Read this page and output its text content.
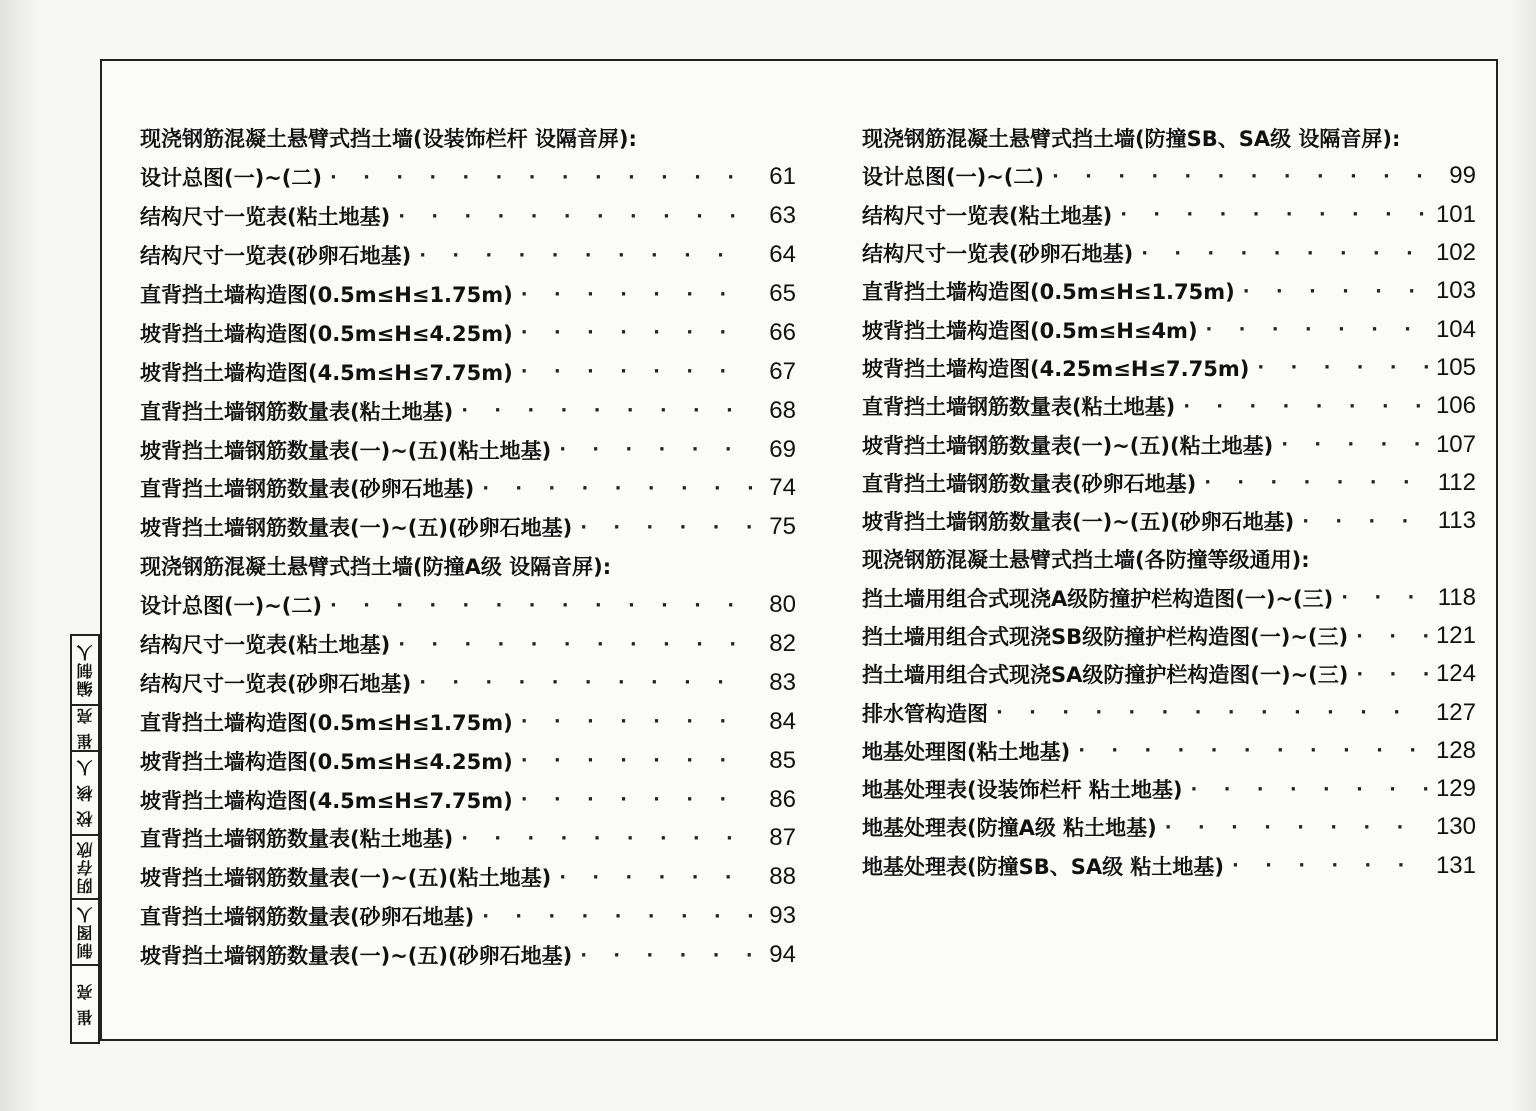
现浇钢筋混凝土悬臂式挡土墙(设装饰栏杆 设隔音屏):
设计总图(一)~(二) · · ·	61
结构尺寸一览表(粘土地基) · · ·	63
结构尺寸一览表(砂卵石地基) · · ·	64
直背挡土墙构造图(0.5m≤H≤1.75m) · · ·	65
坡背挡土墙构造图(0.5m≤H≤4.25m) · · ·	66
坡背挡土墙构造图(4.5m≤H≤7.75m) · · ·	67
直背挡土墙钢筋数量表(粘土地基) · · ·	68
坡背挡土墙钢筋数量表(一)~(五)(粘土地基) · · ·	69
直背挡土墙钢筋数量表(砂卵石地基) · · ·	74
坡背挡土墙钢筋数量表(一)~(五)(砂卵石地基) · · ·	75
现浇钢筋混凝土悬臂式挡土墙(防撞A级 设隔音屏):
设计总图(一)~(二) · · ·	80
结构尺寸一览表(粘土地基) · · ·	82
结构尺寸一览表(砂卵石地基) · · ·	83
直背挡土墙构造图(0.5m≤H≤1.75m) · · ·	84
坡背挡土墙构造图(0.5m≤H≤4.25m) · · ·	85
坡背挡土墙构造图(4.5m≤H≤7.75m) · · ·	86
直背挡土墙钢筋数量表(粘土地基) · · ·	87
坡背挡土墙钢筋数量表(一)~(五)(粘土地基) · · ·	88
直背挡土墙钢筋数量表(砂卵石地基) · · ·	93
坡背挡土墙钢筋数量表(一)~(五)(砂卵石地基) · · ·	94
现浇钢筋混凝土悬臂式挡土墙(防撞SB、SA级 设隔音屏):
设计总图(一)~(二) · · ·	99
结构尺寸一览表(粘土地基) · · ·	101
结构尺寸一览表(砂卵石地基) · · ·	102
直背挡土墙构造图(0.5m≤H≤1.75m) · · ·	103
坡背挡土墙构造图(0.5m≤H≤4m) · · ·	104
坡背挡土墙构造图(4.25m≤H≤7.75m) · · ·	105
直背挡土墙钢筋数量表(粘土地基) · · ·	106
坡背挡土墙钢筋数量表(一)~(五)(粘土地基) · · ·	107
直背挡土墙钢筋数量表(砂卵石地基) · · ·	112
坡背挡土墙钢筋数量表(一)~(五)(砂卵石地基) · · ·	113
现浇钢筋混凝土悬臂式挡土墙(各防撞等级通用):
挡土墙用组合式现浇A级防撞护栏构造图(一)~(三) · · ·	118
挡土墙用组合式现浇SB级防撞护栏构造图(一)~(三) · · ·	121
挡土墙用组合式现浇SA级防撞护栏构造图(一)~(三) · · ·	124
排水管构造图 · · ·	127
地基处理图(粘土地基) · · ·	128
地基处理表(设装饰栏杆 粘土地基) · · ·	129
地基处理表(防撞A级 粘土地基) · · ·	130
地基处理表(防撞SB、SA级 粘土地基) · · ·	131
编制人
崔 亮
校 核 人
阴存欣
制图人
崔 亮
